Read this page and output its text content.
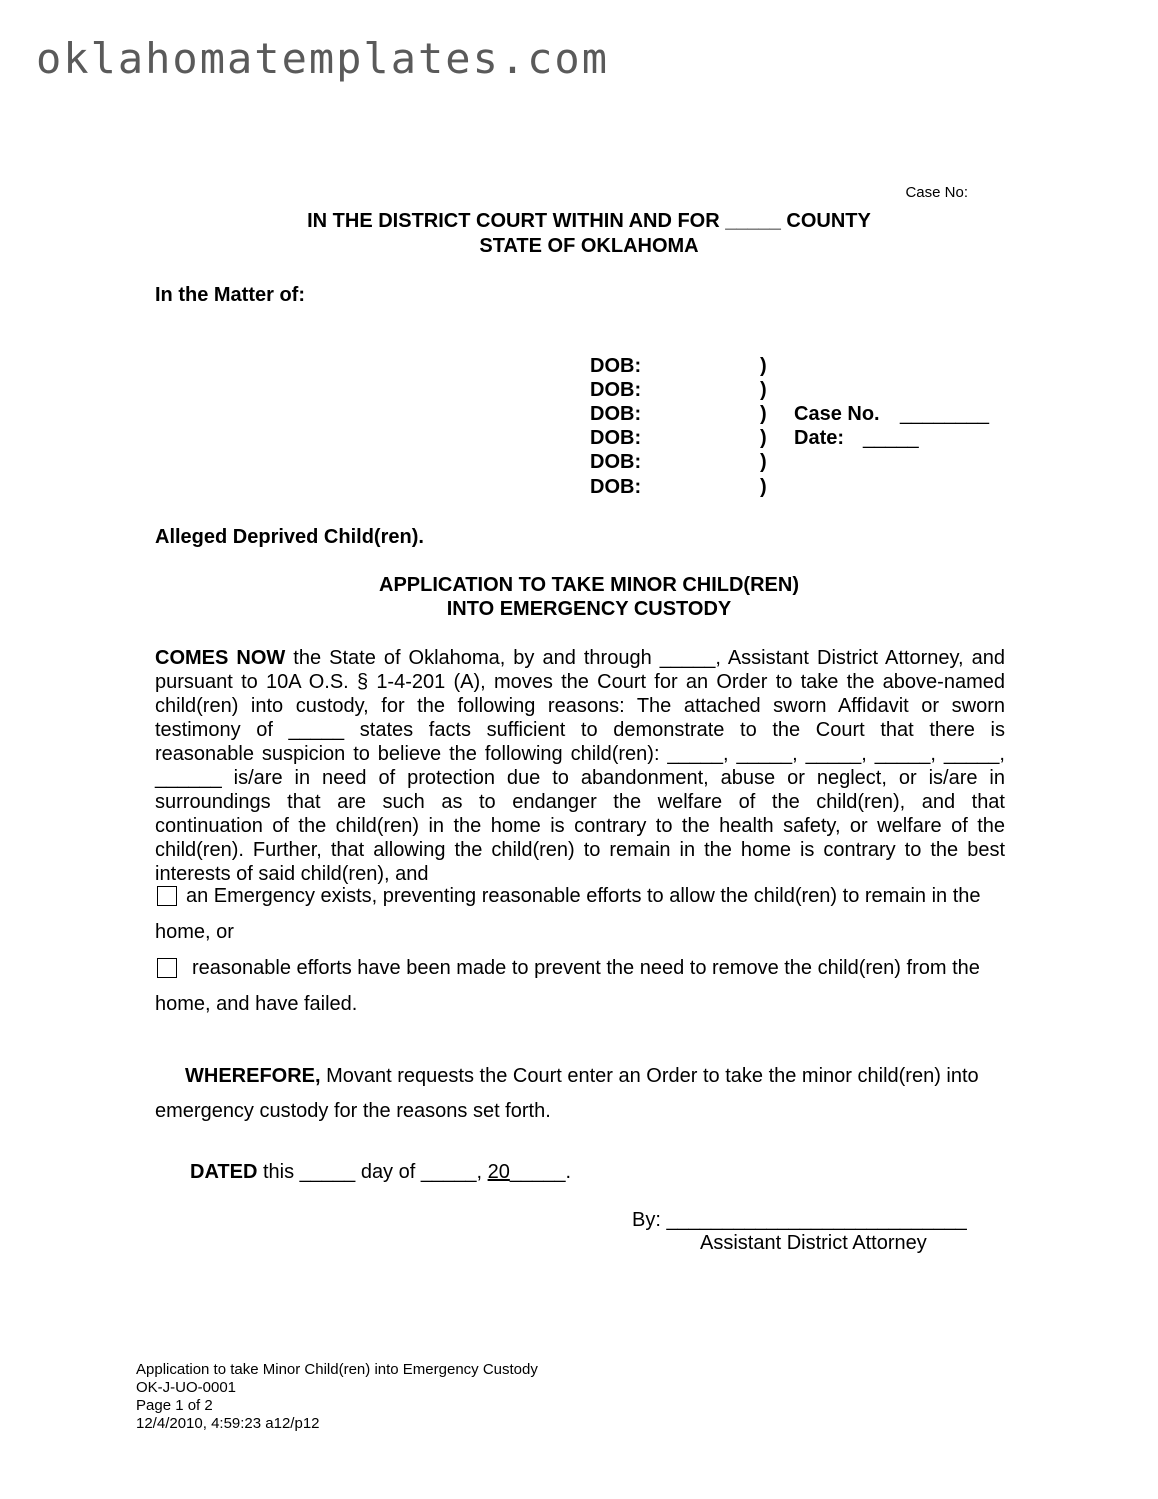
oklahomatemplates.com
Case No:
IN THE DISTRICT COURT WITHIN AND FOR _____ COUNTY
STATE OF OKLAHOMA
In the Matter of:
DOB:
DOB:
DOB:
DOB:
DOB:
DOB:
)
)
)
)
)
)
Case No. ________
Date: _____
Alleged Deprived Child(ren).
APPLICATION TO TAKE MINOR CHILD(REN)
INTO EMERGENCY CUSTODY
COMES NOW the State of Oklahoma, by and through _____, Assistant District Attorney, and
pursuant to 10A O.S. § 1-4-201 (A), moves the Court for an Order to take the above-named
child(ren) into custody, for the following reasons: The attached sworn Affidavit or sworn
testimony of _____ states facts sufficient to demonstrate to the Court that there is
reasonable suspicion to believe the following child(ren): _____, _____, _____, _____, _____,
______ is/are in need of protection due to abandonment, abuse or neglect, or is/are in
surroundings that are such as to endanger the welfare of the child(ren), and that
continuation of the child(ren) in the home is contrary to the health safety, or welfare of the
child(ren). Further, that allowing the child(ren) to remain in the home is contrary to the best
interests of said child(ren), and
an Emergency exists, preventing reasonable efforts to allow the child(ren) to remain in the
home, or
reasonable efforts have been made to prevent the need to remove the child(ren) from the
home, and have failed.
WHEREFORE, Movant requests the Court enter an Order to take the minor child(ren) into
emergency custody for the reasons set forth.
DATED this _____ day of _____, 20_____.
By: ___________________________
Assistant District Attorney
Application to take Minor Child(ren) into Emergency Custody
OK-J-UO-0001
Page 1 of 2
12/4/2010, 4:59:23 a12/p12
